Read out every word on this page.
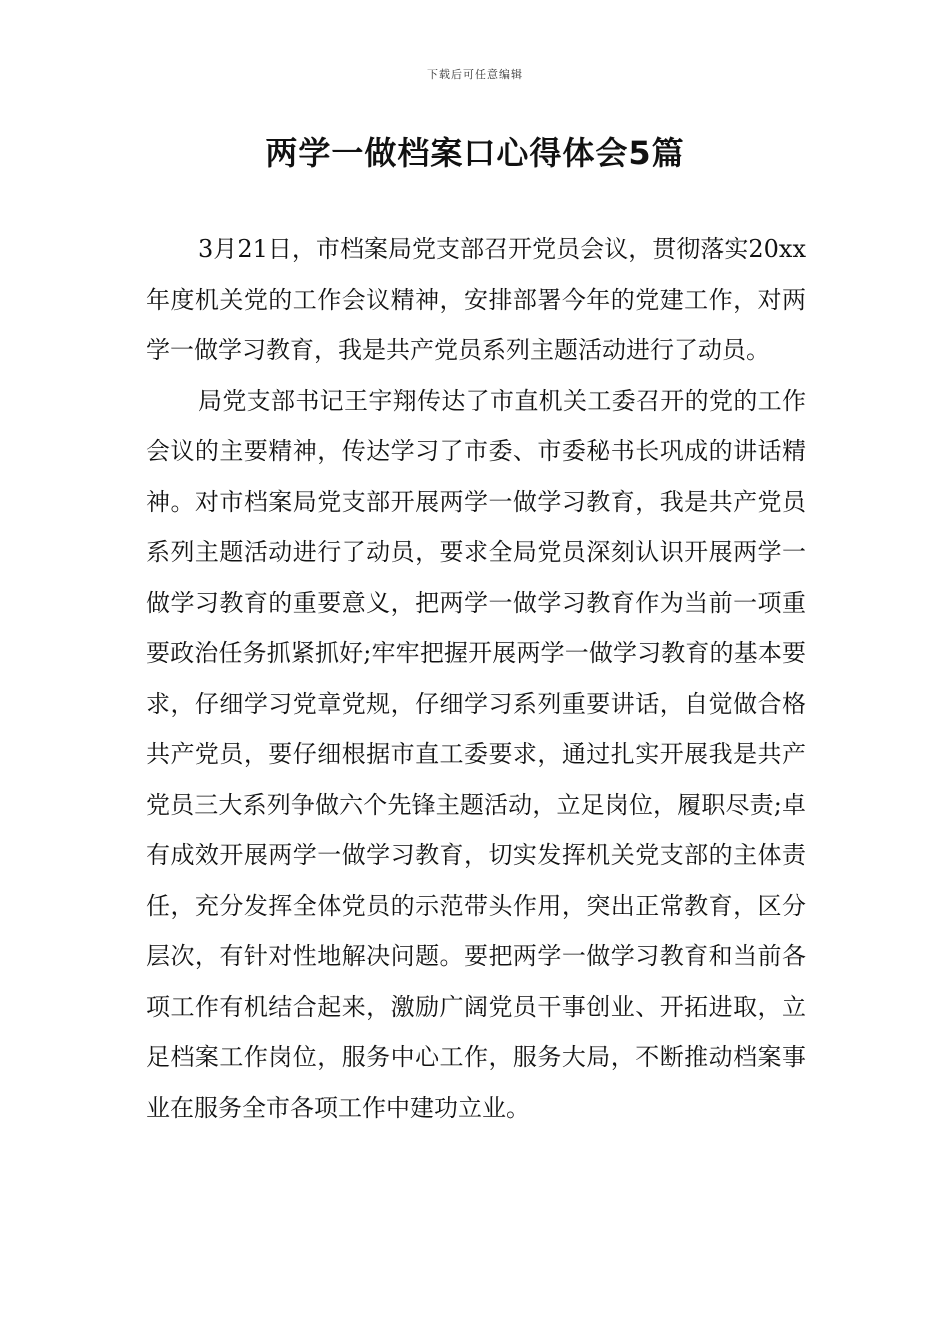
下载后可任意编辑
两学一做档案口心得体会5篇

3月21日，市档案局党支部召开党员会议，贯彻落实20xx年度机关党的工作会议精神，安排部署今年的党建工作，对两学一做学习教育，我是共产党员系列主题活动进行了动员。

局党支部书记王宇翔传达了市直机关工委召开的党的工作会议的主要精神，传达学习了市委、市委秘书长巩成的讲话精神。对市档案局党支部开展两学一做学习教育，我是共产党员系列主题活动进行了动员，要求全局党员深刻认识开展两学一做学习教育的重要意义，把两学一做学习教育作为当前一项重要政治任务抓紧抓好;牢牢把握开展两学一做学习教育的基本要求，仔细学习党章党规，仔细学习系列重要讲话，自觉做合格共产党员，要仔细根据市直工委要求，通过扎实开展我是共产党员三大系列争做六个先锋主题活动，立足岗位，履职尽责;卓有成效开展两学一做学习教育，切实发挥机关党支部的主体责任，充分发挥全体党员的示范带头作用，突出正常教育，区分层次，有针对性地解决问题。要把两学一做学习教育和当前各项工作有机结合起来，激励广阔党员干事创业、开拓进取，立足档案工作岗位，服务中心工作，服务大局，不断推动档案事业在服务全市各项工作中建功立业。
